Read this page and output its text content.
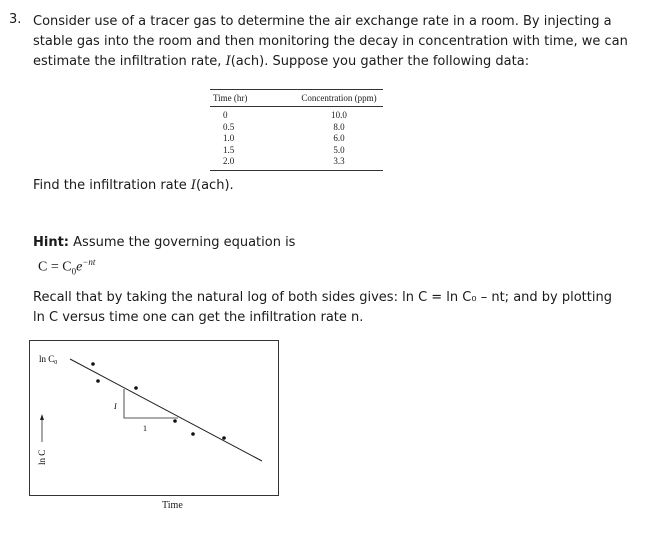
3. Consider use of a tracer gas to determine the air exchange rate in a room. By injecting a stable gas into the room and then monitoring the decay in concentration with time, we can estimate the infiltration rate, I(ach). Suppose you gather the following data:
Time (hr)	Concentration (ppm)
0	10.0
0.5	8.0
1.0	6.0
1.5	5.0
2.0	3.3
Find the infiltration rate I(ach).
Hint: Assume the governing equation is
$C = C_0e^{-nt}$
Recall that by taking the natural log of both sides gives: ln C = ln C₀ – nt; and by plotting ln C versus time one can get the infiltration rate n.
$\ln C_0$
I
1
ln C
Time
